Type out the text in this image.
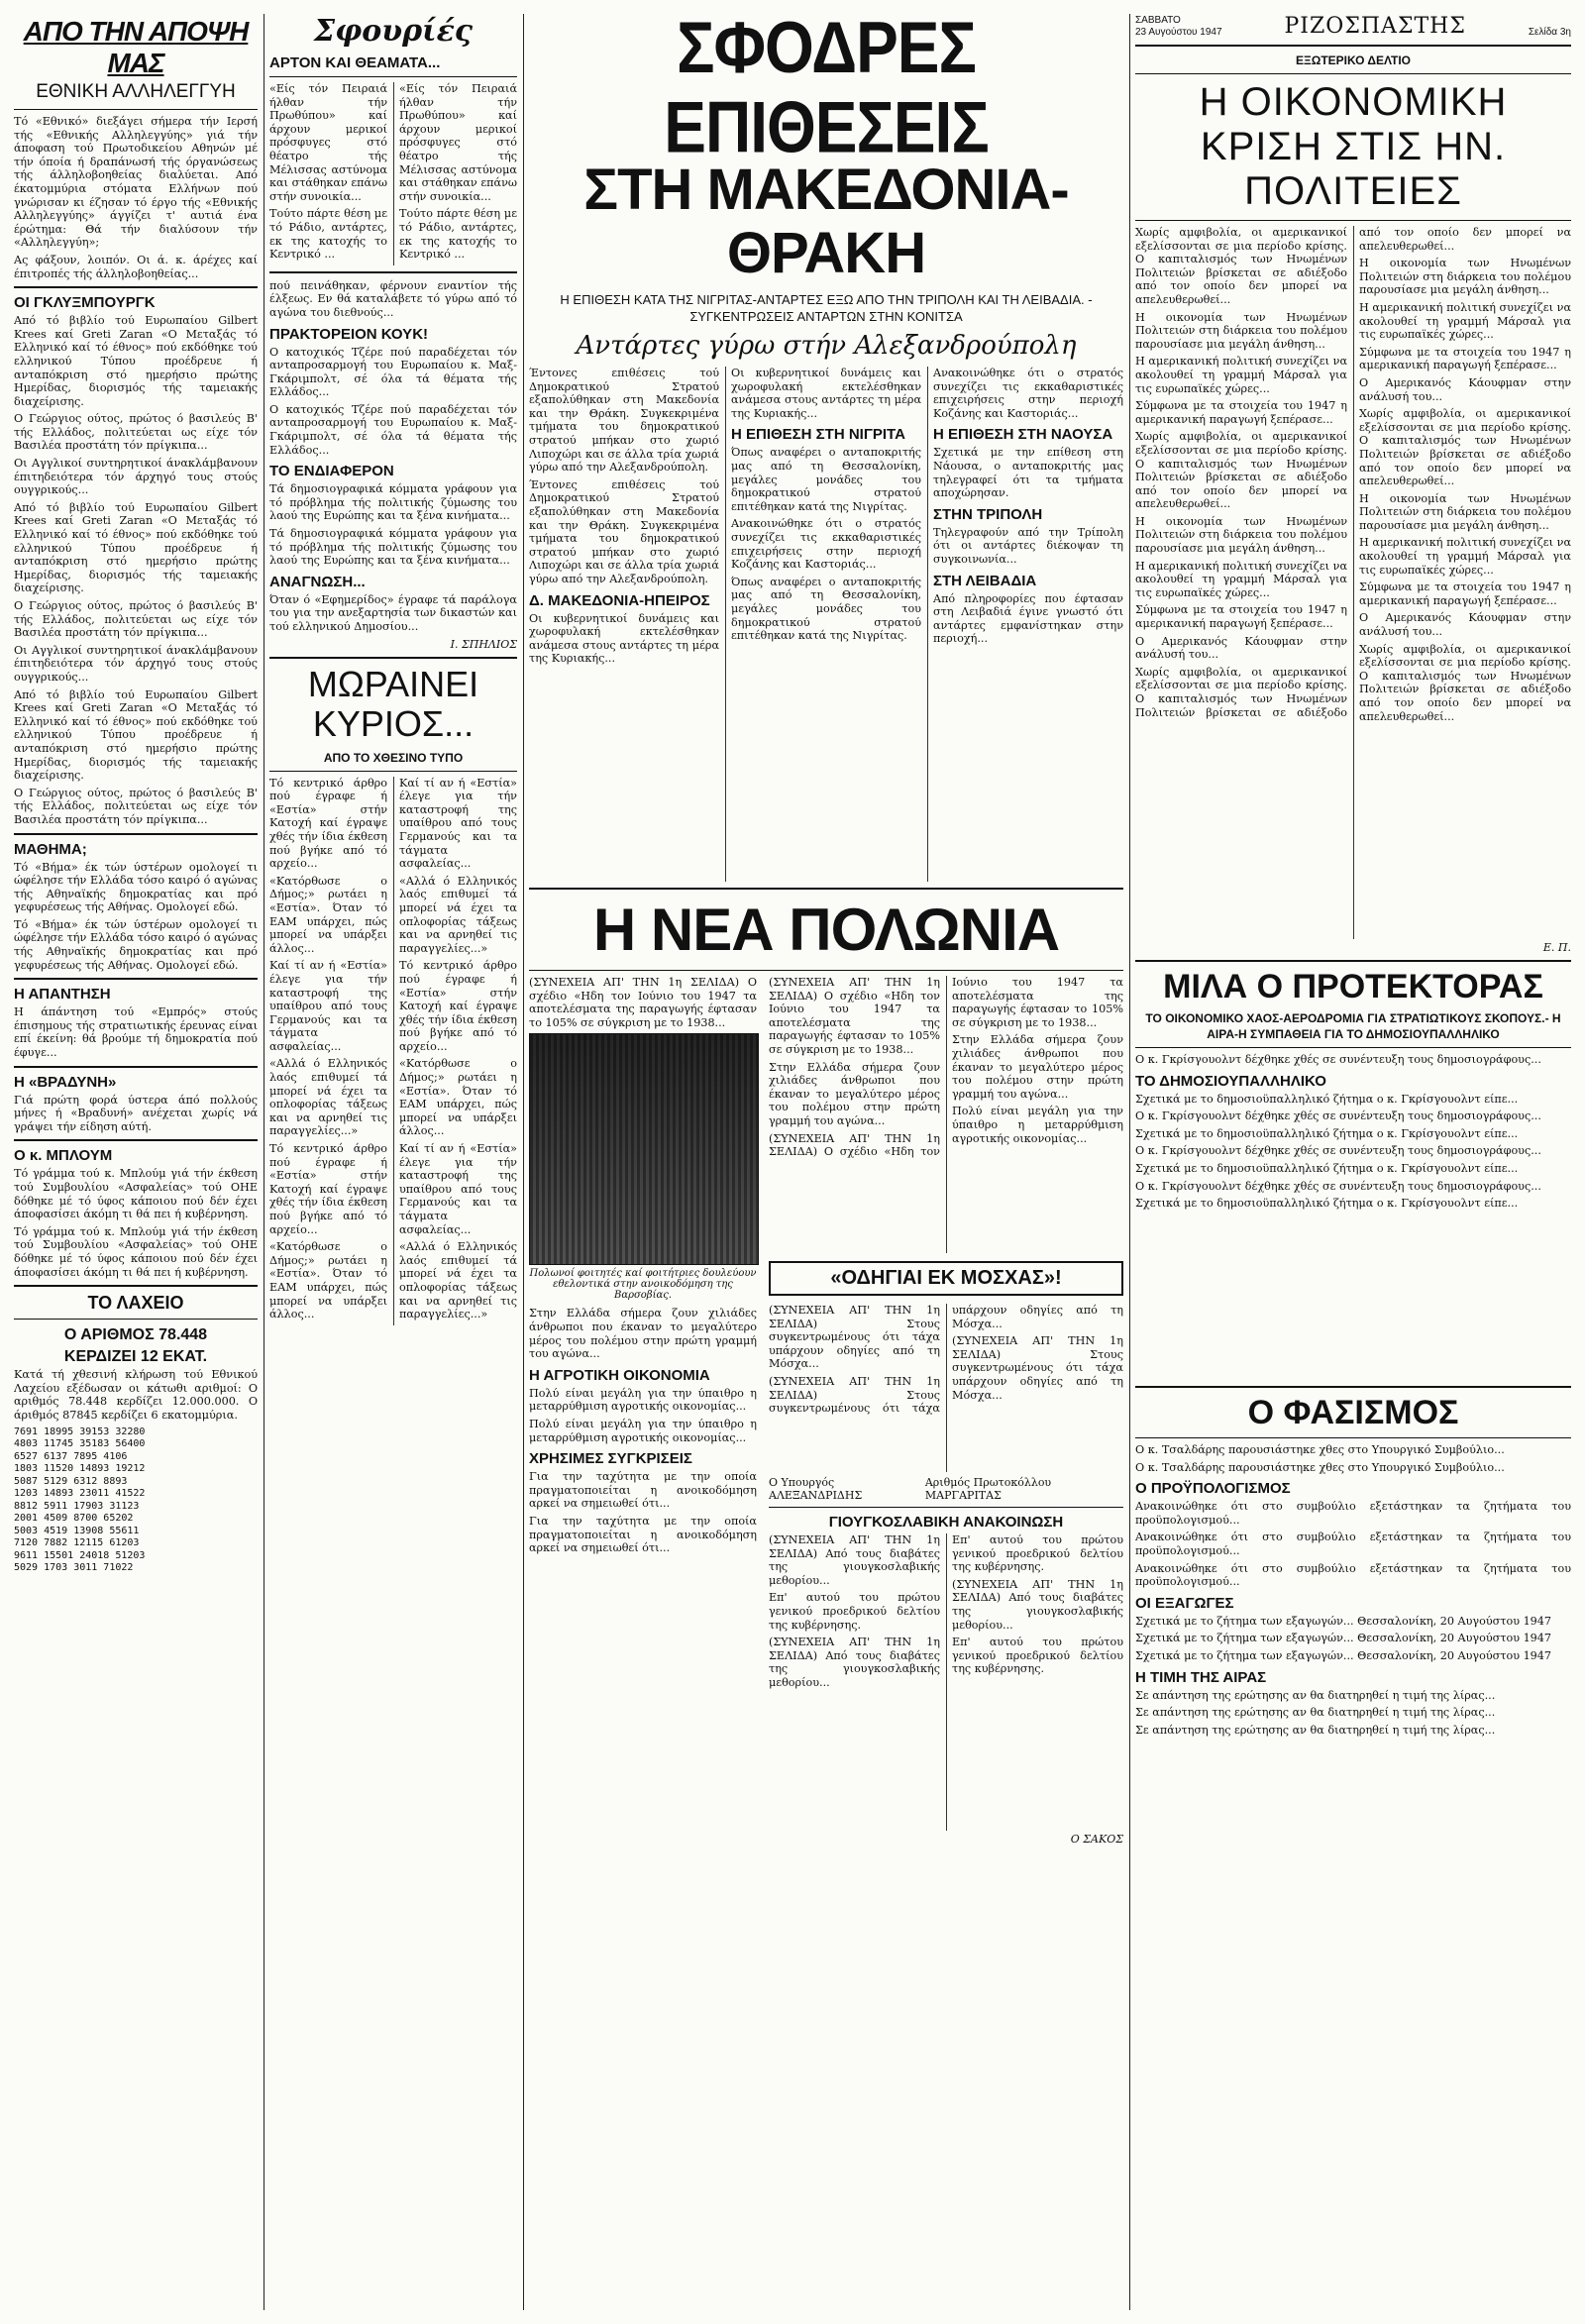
ΑΠΟ ΤΗΝ ΑΠΟΨΗ ΜΑΣ
ΕΘΝΙΚΗ ΑΛΛΗΛΕΓΓΥΗ

Τό «Εθνικό» διεξάγει σήμερα τήν Ιερσή τής «Εθνικής Αλληλεγγύης» γιά τήν άποφαση τού Πρωτοδικείου Αθηνών μέ τήν όποία ή δραπάνωσή τής όργανώσεως τής άλληλοβοηθείας διαλύεται. Από έκατομμύρια στόματα Ελλήνων πού γνώρισαν κι έζησαν τό έργο τής «Εθνικής Αλληλεγγύης» άγγίζει τ' αυτιά ένα έρώτημα: Θά τήν διαλύσουν τήν «Αλληλεγγύη»;

Ας φάξουν, λοιπόν. Οι ά. κ. άρέχες καί έπιτροπές τής άλληλοβοηθείας...

ΟΙ ΓΚΛΥΞΜΠΟΥΡΓΚ

Από τό βιβλίο τού Ευρωπαίου Gilbert Krees καί Greti Zaran «Ο Μεταξάς τό Ελληνικό καί τό έθνος» πού εκδόθηκε τού ελληνικού Τύπου προέδρευε ή ανταπόκριση στό ημερήσιο πρώτης Ημερίδας, διορισμός τής ταμειακής διαχείρισης.

Ο Γεώργιος ούτος, πρώτος ό βασιλεύς Β' τής Ελλάδος, πολιτεύεται ως είχε τόν Βασιλέα προστάτη τόν πρίγκιπα...

Οι Αγγλικοί συντηρητικοί άνακλάμβανουν έπιτηδειότερα τόν άρχηγό τους στούς ουγγρικούς...

Από τό βιβλίο τού Ευρωπαίου Gilbert Krees καί Greti Zaran «Ο Μεταξάς τό Ελληνικό καί τό έθνος» πού εκδόθηκε τού ελληνικού Τύπου προέδρευε ή ανταπόκριση στό ημερήσιο πρώτης Ημερίδας, διορισμός τής ταμειακής διαχείρισης.

Ο Γεώργιος ούτος, πρώτος ό βασιλεύς Β' τής Ελλάδος, πολιτεύεται ως είχε τόν Βασιλέα προστάτη τόν πρίγκιπα...

Οι Αγγλικοί συντηρητικοί άνακλάμβανουν έπιτηδειότερα τόν άρχηγό τους στούς ουγγρικούς...

Από τό βιβλίο τού Ευρωπαίου Gilbert Krees καί Greti Zaran «Ο Μεταξάς τό Ελληνικό καί τό έθνος» πού εκδόθηκε τού ελληνικού Τύπου προέδρευε ή ανταπόκριση στό ημερήσιο πρώτης Ημερίδας, διορισμός τής ταμειακής διαχείρισης.

Ο Γεώργιος ούτος, πρώτος ό βασιλεύς Β' τής Ελλάδος, πολιτεύεται ως είχε τόν Βασιλέα προστάτη τόν πρίγκιπα...

ΜΑΘΗΜΑ;

Τό «Βήμα» έκ τών ύστέρων ομολογεί τι ώφέλησε τήν Ελλάδα τόσο καιρό ό αγώνας τής Αθηναϊκής δημοκρατίας και πρό γεφυρέσεως τής Αθήνας. Ομολογεί εδώ.

Τό «Βήμα» έκ τών ύστέρων ομολογεί τι ώφέλησε τήν Ελλάδα τόσο καιρό ό αγώνας τής Αθηναϊκής δημοκρατίας και πρό γεφυρέσεως τής Αθήνας. Ομολογεί εδώ.

Η ΑΠΑΝΤΗΣΗ

Η άπάντηση τού «Εμπρός» στούς έπισημους τής στρατιωτικής έρευνας είναι επί έκείνη: θά βρούμε τή δημοκρατία πού έφυγε...

Η «ΒΡΑΔΥΝΗ»

Γιά πρώτη φορά ύστερα άπό πολλούς μήνες ή «Βραδυνή» ανέχεται χωρίς νά γράψει τήν είδηση αύτή.

Ο κ. ΜΠΛΟΥΜ

Τό γράμμα τού κ. Μπλούμ γιά τήν έκθεση τού Συμβουλίου «Ασφαλείας» τού ΟΗΕ δόθηκε μέ τό ύφος κάποιου πού δέν έχει άποφασίσει άκόμη τι θά πει ή κυβέρνηση.

Τό γράμμα τού κ. Μπλούμ γιά τήν έκθεση τού Συμβουλίου «Ασφαλείας» τού ΟΗΕ δόθηκε μέ τό ύφος κάποιου πού δέν έχει άποφασίσει άκόμη τι θά πει ή κυβέρνηση.

ΤΟ ΛΑΧΕΙΟ
Ο ΑΡΙΘΜΟΣ 78.448
ΚΕΡΔΙΖΕΙ 12 ΕΚΑΤ.

Κατά τή χθεσινή κλήρωση τού Εθνικού Λαχείου εξέδωσαν οι κάτωθι αριθμοί: Ο αριθμός 78.448 κερδίζει 12.000.000. Ο άριθμός 87845 κερδίζει 6 εκατομμύρια.

7691 18995 39153 32280
4803 11745 35183 56400
6527 6137 7895 4106
1803 11520 14893 19212
5087 5129 6312 8893
1203 14893 23011 41522
8812 5911 17903 31123
2001 4509 8700 65202
5003 4519 13908 55611
7120 7882 12115 61203
9611 15501 24018 51203
5029 1703 3011 71022
Σφουρίές
ΑΡΤΟΝ ΚΑΙ ΘΕΑΜΑΤΑ...

«Είς τόν Πειραιά ήλθαν τήν Πρωθύπου» καί άρχουν μερικοί πρόσφυγες στό θέατρο τής Μέλισσας αστύνομα και στάθηκαν επάνω στήν συνοικία...

Τούτο πάρτε θέση με τό Ράδιο, αντάρτες, εκ της κατοχής το Κεντρικό ...

«Είς τόν Πειραιά ήλθαν τήν Πρωθύπου» καί άρχουν μερικοί πρόσφυγες στό θέατρο τής Μέλισσας αστύνομα και στάθηκαν επάνω στήν συνοικία...

Τούτο πάρτε θέση με τό Ράδιο, αντάρτες, εκ της κατοχής το Κεντρικό ...

πού πεινάθηκαν, φέρνουν εναντίον τής έλξεως. Εν θά καταλάβετε τό γύρω από τό αγώνα του διεθνούς...

ΠΡΑΚΤΟΡΕΙΟΝ ΚΟΥΚ!

Ο κατοχικός Τζέρε πού παραδέχεται τόν ανταπροσαρμογή του Ευρωπαίου κ. Μαξ-Γκάριμπολτ, σέ όλα τά θέματα τής Ελλάδος...

Ο κατοχικός Τζέρε πού παραδέχεται τόν ανταπροσαρμογή του Ευρωπαίου κ. Μαξ-Γκάριμπολτ, σέ όλα τά θέματα τής Ελλάδος...

ΤΟ ΕΝΔΙΑΦΕΡΟΝ

Τά δημοσιογραφικά κόμματα γράφουν για τό πρόβλημα τής πολιτικής ζύμωσης του λαού της Ευρώπης και τα ξένα κινήματα...

Τά δημοσιογραφικά κόμματα γράφουν για τό πρόβλημα τής πολιτικής ζύμωσης του λαού της Ευρώπης και τα ξένα κινήματα...

ΑΝΑΓΝΩΣΗ...

Όταν ό «Εφημερίδος» έγραφε τά παράλογα του για την ανεξαρτησία των δικαστών και τού ελληνικού Δημοσίου...

Ι. ΣΠΗΛΙΟΣ
ΜΩΡΑΙΝΕΙ ΚΥΡΙΟΣ...
ΑΠΟ ΤΟ ΧΘΕΣΙΝΟ ΤΥΠΟ

Τό κεντρικό άρθρο πού έγραφε ή «Εστία» στήν Κατοχή καί έγραψε χθές τήν ίδια έκθεση πού βγήκε από τό αρχείο...

«Κατόρθωσε ο Δήμος;» ρωτάει η «Εστία». Όταν τό ΕΑΜ υπάρχει, πώς μπορεί να υπάρξει άλλος...

Καί τί αν ή «Εστία» έλεγε για τήν καταστροφή της υπαίθρου από τους Γερμανούς και τα τάγματα ασφαλείας...

«Αλλά ό Ελληνικός λαός επιθυμεί τά μπορεί νά έχει τα οπλοφορίας τάξεως και να αρνηθεί τις παραγγελίες...»

Τό κεντρικό άρθρο πού έγραφε ή «Εστία» στήν Κατοχή καί έγραψε χθές τήν ίδια έκθεση πού βγήκε από τό αρχείο...

«Κατόρθωσε ο Δήμος;» ρωτάει η «Εστία». Όταν τό ΕΑΜ υπάρχει, πώς μπορεί να υπάρξει άλλος...

Καί τί αν ή «Εστία» έλεγε για τήν καταστροφή της υπαίθρου από τους Γερμανούς και τα τάγματα ασφαλείας...

«Αλλά ό Ελληνικός λαός επιθυμεί τά μπορεί νά έχει τα οπλοφορίας τάξεως και να αρνηθεί τις παραγγελίες...»

Τό κεντρικό άρθρο πού έγραφε ή «Εστία» στήν Κατοχή καί έγραψε χθές τήν ίδια έκθεση πού βγήκε από τό αρχείο...

«Κατόρθωσε ο Δήμος;» ρωτάει η «Εστία». Όταν τό ΕΑΜ υπάρχει, πώς μπορεί να υπάρξει άλλος...

Καί τί αν ή «Εστία» έλεγε για τήν καταστροφή της υπαίθρου από τους Γερμανούς και τα τάγματα ασφαλείας...

«Αλλά ό Ελληνικός λαός επιθυμεί τά μπορεί νά έχει τα οπλοφορίας τάξεως και να αρνηθεί τις παραγγελίες...»

ΣΦΟΔΡΕΣ ΕΠΙΘΕΣΕΙΣ
ΣΤΗ ΜΑΚΕΔΟΝΙΑ-ΘΡΑΚΗ
Η ΕΠΙΘΕΣΗ ΚΑΤΑ ΤΗΣ ΝΙΓΡΙΤΑΣ-ΑΝΤΑΡΤΕΣ ΕΞΩ ΑΠΟ ΤΗΝ ΤΡΙΠΟΛΗ ΚΑΙ ΤΗ ΛΕΙΒΑΔΙΑ. - ΣΥΓΚΕΝΤΡΩΣΕΙΣ ΑΝΤΑΡΤΩΝ ΣΤΗΝ ΚΟΝΙΤΣΑ
Αντάρτες γύρω στήν Αλεξανδρούπολη

Έντονες επιθέσεις τού Δημοκρατικού Στρατού εξαπολύθηκαν στη Μακεδονία και την Θράκη. Συγκεκριμένα τμήματα του δημοκρατικού στρατού μπήκαν στο χωριό Λιποχώρι και σε άλλα τρία χωριά γύρω από την Αλεξανδρούπολη.

Έντονες επιθέσεις τού Δημοκρατικού Στρατού εξαπολύθηκαν στη Μακεδονία και την Θράκη. Συγκεκριμένα τμήματα του δημοκρατικού στρατού μπήκαν στο χωριό Λιποχώρι και σε άλλα τρία χωριά γύρω από την Αλεξανδρούπολη.

Δ. ΜΑΚΕΔΟΝΙΑ-ΗΠΕΙΡΟΣ

Οι κυβερνητικοί δυνάμεις και χωροφυλακή εκτελέσθηκαν ανάμεσα στους αντάρτες τη μέρα της Κυριακής...

Οι κυβερνητικοί δυνάμεις και χωροφυλακή εκτελέσθηκαν ανάμεσα στους αντάρτες τη μέρα της Κυριακής...

Η ΕΠΙΘΕΣΗ ΣΤΗ ΝΙΓΡΙΤΑ

Όπως αναφέρει ο ανταποκριτής μας από τη Θεσσαλονίκη, μεγάλες μονάδες του δημοκρατικού στρατού επιτέθηκαν κατά της Νιγρίτας.

Ανακοινώθηκε ότι ο στρατός συνεχίζει τις εκκαθαριστικές επιχειρήσεις στην περιοχή Κοζάνης και Καστοριάς...

Όπως αναφέρει ο ανταποκριτής μας από τη Θεσσαλονίκη, μεγάλες μονάδες του δημοκρατικού στρατού επιτέθηκαν κατά της Νιγρίτας.

Ανακοινώθηκε ότι ο στρατός συνεχίζει τις εκκαθαριστικές επιχειρήσεις στην περιοχή Κοζάνης και Καστοριάς...

Η ΕΠΙΘΕΣΗ ΣΤΗ ΝΑΟΥΣΑ

Σχετικά με την επίθεση στη Νάουσα, ο ανταποκριτής μας τηλεγραφεί ότι τα τμήματα αποχώρησαν.

ΣΤΗΝ ΤΡΙΠΟΛΗ

Τηλεγραφούν από την Τρίπολη ότι οι αντάρτες διέκοψαν τη συγκοινωνία...

ΣΤΗ ΛΕΙΒΑΔΙΑ

Από πληροφορίες που έφτασαν στη Λειβαδιά έγινε γνωστό ότι αντάρτες εμφανίστηκαν στην περιοχή...

Η ΝΕΑ ΠΟΛΩΝΙΑ

(ΣΥΝΕΧΕΙΑ ΑΠ' ΤΗΝ 1η ΣΕΛΙΔΑ) Ο σχέδιο «Ηδη τον Ιούνιο του 1947 τα αποτελέσματα της παραγωγής έφτασαν το 105% σε σύγκριση με το 1938...

Πολωνοί φοιτητές καί φοιτήτριες δουλεύουν εθελοντικά στην ανοικοδόμηση της Βαρσοβίας.

Στην Ελλάδα σήμερα ζουν χιλιάδες άνθρωποι που έκαναν το μεγαλύτερο μέρος του πολέμου στην πρώτη γραμμή του αγώνα...

Η ΑΓΡΟΤΙΚΗ ΟΙΚΟΝΟΜΙΑ

Πολύ είναι μεγάλη για την ύπαιθρο η μεταρρύθμιση αγροτικής οικονομίας...

Πολύ είναι μεγάλη για την ύπαιθρο η μεταρρύθμιση αγροτικής οικονομίας...

ΧΡΗΣΙΜΕΣ ΣΥΓΚΡΙΣΕΙΣ

Για την ταχύτητα με την οποία πραγματοποιείται η ανοικοδόμηση αρκεί να σημειωθεί ότι...

Για την ταχύτητα με την οποία πραγματοποιείται η ανοικοδόμηση αρκεί να σημειωθεί ότι...

(ΣΥΝΕΧΕΙΑ ΑΠ' ΤΗΝ 1η ΣΕΛΙΔΑ) Ο σχέδιο «Ηδη τον Ιούνιο του 1947 τα αποτελέσματα της παραγωγής έφτασαν το 105% σε σύγκριση με το 1938...

Στην Ελλάδα σήμερα ζουν χιλιάδες άνθρωποι που έκαναν το μεγαλύτερο μέρος του πολέμου στην πρώτη γραμμή του αγώνα...

(ΣΥΝΕΧΕΙΑ ΑΠ' ΤΗΝ 1η ΣΕΛΙΔΑ) Ο σχέδιο «Ηδη τον Ιούνιο του 1947 τα αποτελέσματα της παραγωγής έφτασαν το 105% σε σύγκριση με το 1938...

Στην Ελλάδα σήμερα ζουν χιλιάδες άνθρωποι που έκαναν το μεγαλύτερο μέρος του πολέμου στην πρώτη γραμμή του αγώνα...

Πολύ είναι μεγάλη για την ύπαιθρο η μεταρρύθμιση αγροτικής οικονομίας...

«ΟΔΗΓΙΑΙ ΕΚ ΜΟΣΧΑΣ»!

(ΣΥΝΕΧΕΙΑ ΑΠ' ΤΗΝ 1η ΣΕΛΙΔΑ) Στους συγκεντρωμένους ότι τάχα υπάρχουν οδηγίες από τη Μόσχα...

(ΣΥΝΕΧΕΙΑ ΑΠ' ΤΗΝ 1η ΣΕΛΙΔΑ) Στους συγκεντρωμένους ότι τάχα υπάρχουν οδηγίες από τη Μόσχα...

(ΣΥΝΕΧΕΙΑ ΑΠ' ΤΗΝ 1η ΣΕΛΙΔΑ) Στους συγκεντρωμένους ότι τάχα υπάρχουν οδηγίες από τη Μόσχα...

Ο Υπουργός ΑΛΕΞΑΝΔΡΙΔΗΣ
Αριθμός Πρωτοκόλλου ΜΑΡΓΑΡΙΤΑΣ
ΓΙΟΥΓΚΟΣΛΑΒΙΚΗ ΑΝΑΚΟΙΝΩΣΗ

(ΣΥΝΕΧΕΙΑ ΑΠ' ΤΗΝ 1η ΣΕΛΙΔΑ) Από τους διαβάτες της γιουγκοσλαβικής μεθορίου...

Επ' αυτού του πρώτου γενικού προεδρικού δελτίου της κυβέρνησης.

(ΣΥΝΕΧΕΙΑ ΑΠ' ΤΗΝ 1η ΣΕΛΙΔΑ) Από τους διαβάτες της γιουγκοσλαβικής μεθορίου...

Επ' αυτού του πρώτου γενικού προεδρικού δελτίου της κυβέρνησης.

(ΣΥΝΕΧΕΙΑ ΑΠ' ΤΗΝ 1η ΣΕΛΙΔΑ) Από τους διαβάτες της γιουγκοσλαβικής μεθορίου...

Επ' αυτού του πρώτου γενικού προεδρικού δελτίου της κυβέρνησης.

Ο ΣΑΚΟΣ
ΣΑΒΒΑΤΟ
23 Αυγούστου 1947	ΡΙΖΟΣΠΑΣΤΗΣ	Σελίδα 3η
ΕΞΩΤΕΡΙΚΟ ΔΕΛΤΙΟ
Η ΟΙΚΟΝΟΜΙΚΗ ΚΡΙΣΗ ΣΤΙΣ ΗΝ. ΠΟΛΙΤΕΙΕΣ

Χωρίς αμφιβολία, οι αμερικανικοί εξελίσσονται σε μια περίοδο κρίσης. Ο καπιταλισμός των Ηνωμένων Πολιτειών βρίσκεται σε αδιέξοδο από τον οποίο δεν μπορεί να απελευθερωθεί...

Η οικονομία των Ηνωμένων Πολιτειών στη διάρκεια του πολέμου παρουσίασε μια μεγάλη άνθηση...

Η αμερικανική πολιτική συνεχίζει να ακολουθεί τη γραμμή Μάρσαλ για τις ευρωπαϊκές χώρες...

Σύμφωνα με τα στοιχεία του 1947 η αμερικανική παραγωγή ξεπέρασε...

Χωρίς αμφιβολία, οι αμερικανικοί εξελίσσονται σε μια περίοδο κρίσης. Ο καπιταλισμός των Ηνωμένων Πολιτειών βρίσκεται σε αδιέξοδο από τον οποίο δεν μπορεί να απελευθερωθεί...

Η οικονομία των Ηνωμένων Πολιτειών στη διάρκεια του πολέμου παρουσίασε μια μεγάλη άνθηση...

Η αμερικανική πολιτική συνεχίζει να ακολουθεί τη γραμμή Μάρσαλ για τις ευρωπαϊκές χώρες...

Σύμφωνα με τα στοιχεία του 1947 η αμερικανική παραγωγή ξεπέρασε...

Ο Αμερικανός Κάουφμαν στην ανάλυσή του...

Χωρίς αμφιβολία, οι αμερικανικοί εξελίσσονται σε μια περίοδο κρίσης. Ο καπιταλισμός των Ηνωμένων Πολιτειών βρίσκεται σε αδιέξοδο από τον οποίο δεν μπορεί να απελευθερωθεί...

Η οικονομία των Ηνωμένων Πολιτειών στη διάρκεια του πολέμου παρουσίασε μια μεγάλη άνθηση...

Η αμερικανική πολιτική συνεχίζει να ακολουθεί τη γραμμή Μάρσαλ για τις ευρωπαϊκές χώρες...

Σύμφωνα με τα στοιχεία του 1947 η αμερικανική παραγωγή ξεπέρασε...

Ο Αμερικανός Κάουφμαν στην ανάλυσή του...

Χωρίς αμφιβολία, οι αμερικανικοί εξελίσσονται σε μια περίοδο κρίσης. Ο καπιταλισμός των Ηνωμένων Πολιτειών βρίσκεται σε αδιέξοδο από τον οποίο δεν μπορεί να απελευθερωθεί...

Η οικονομία των Ηνωμένων Πολιτειών στη διάρκεια του πολέμου παρουσίασε μια μεγάλη άνθηση...

Η αμερικανική πολιτική συνεχίζει να ακολουθεί τη γραμμή Μάρσαλ για τις ευρωπαϊκές χώρες...

Σύμφωνα με τα στοιχεία του 1947 η αμερικανική παραγωγή ξεπέρασε...

Ο Αμερικανός Κάουφμαν στην ανάλυσή του...

Χωρίς αμφιβολία, οι αμερικανικοί εξελίσσονται σε μια περίοδο κρίσης. Ο καπιταλισμός των Ηνωμένων Πολιτειών βρίσκεται σε αδιέξοδο από τον οποίο δεν μπορεί να απελευθερωθεί...

Ε. Π.
ΜΙΛΑ Ο ΠΡΟΤΕΚΤΟΡΑΣ
ΤΟ ΟΙΚΟΝΟΜΙΚΟ ΧΑΟΣ-ΑΕΡΟΔΡΟΜΙΑ ΓΙΑ ΣΤΡΑΤΙΩΤΙΚΟΥΣ ΣΚΟΠΟΥΣ.- Η ΑΙΡΑ-Η ΣΥΜΠΑΘΕΙΑ ΓΙΑ ΤΟ ΔΗΜΟΣΙΟΥΠΑΛΛΗΛΙΚΟ

Ο κ. Γκρίσγουολντ δέχθηκε χθές σε συνέντευξη τους δημοσιογράφους...

ΤΟ ΔΗΜΟΣΙΟΥΠΑΛΛΗΛΙΚΟ

Σχετικά με το δημοσιοϋπαλληλικό ζήτημα ο κ. Γκρίσγουολντ είπε...

Ο κ. Γκρίσγουολντ δέχθηκε χθές σε συνέντευξη τους δημοσιογράφους...

Σχετικά με το δημοσιοϋπαλληλικό ζήτημα ο κ. Γκρίσγουολντ είπε...

Ο κ. Γκρίσγουολντ δέχθηκε χθές σε συνέντευξη τους δημοσιογράφους...

Σχετικά με το δημοσιοϋπαλληλικό ζήτημα ο κ. Γκρίσγουολντ είπε...

Ο κ. Γκρίσγουολντ δέχθηκε χθές σε συνέντευξη τους δημοσιογράφους...

Σχετικά με το δημοσιοϋπαλληλικό ζήτημα ο κ. Γκρίσγουολντ είπε...

Ο ΦΑΣΙΣΜΟΣ

Ο κ. Τσαλδάρης παρουσιάστηκε χθες στο Υπουργικό Συμβούλιο...

Ο κ. Τσαλδάρης παρουσιάστηκε χθες στο Υπουργικό Συμβούλιο...

Ο ΠΡΟΫΠΟΛΟΓΙΣΜΟΣ

Ανακοινώθηκε ότι στο συμβούλιο εξετάστηκαν τα ζητήματα του προϋπολογισμού...

Ανακοινώθηκε ότι στο συμβούλιο εξετάστηκαν τα ζητήματα του προϋπολογισμού...

Ανακοινώθηκε ότι στο συμβούλιο εξετάστηκαν τα ζητήματα του προϋπολογισμού...

ΟΙ ΕΞΑΓΩΓΕΣ

Σχετικά με το ζήτημα των εξαγωγών... Θεσσαλονίκη, 20 Αυγούστου 1947

Σχετικά με το ζήτημα των εξαγωγών... Θεσσαλονίκη, 20 Αυγούστου 1947

Σχετικά με το ζήτημα των εξαγωγών... Θεσσαλονίκη, 20 Αυγούστου 1947

Η ΤΙΜΗ ΤΗΣ ΑΙΡΑΣ

Σε απάντηση της ερώτησης αν θα διατηρηθεί η τιμή της λίρας...

Σε απάντηση της ερώτησης αν θα διατηρηθεί η τιμή της λίρας...

Σε απάντηση της ερώτησης αν θα διατηρηθεί η τιμή της λίρας...
